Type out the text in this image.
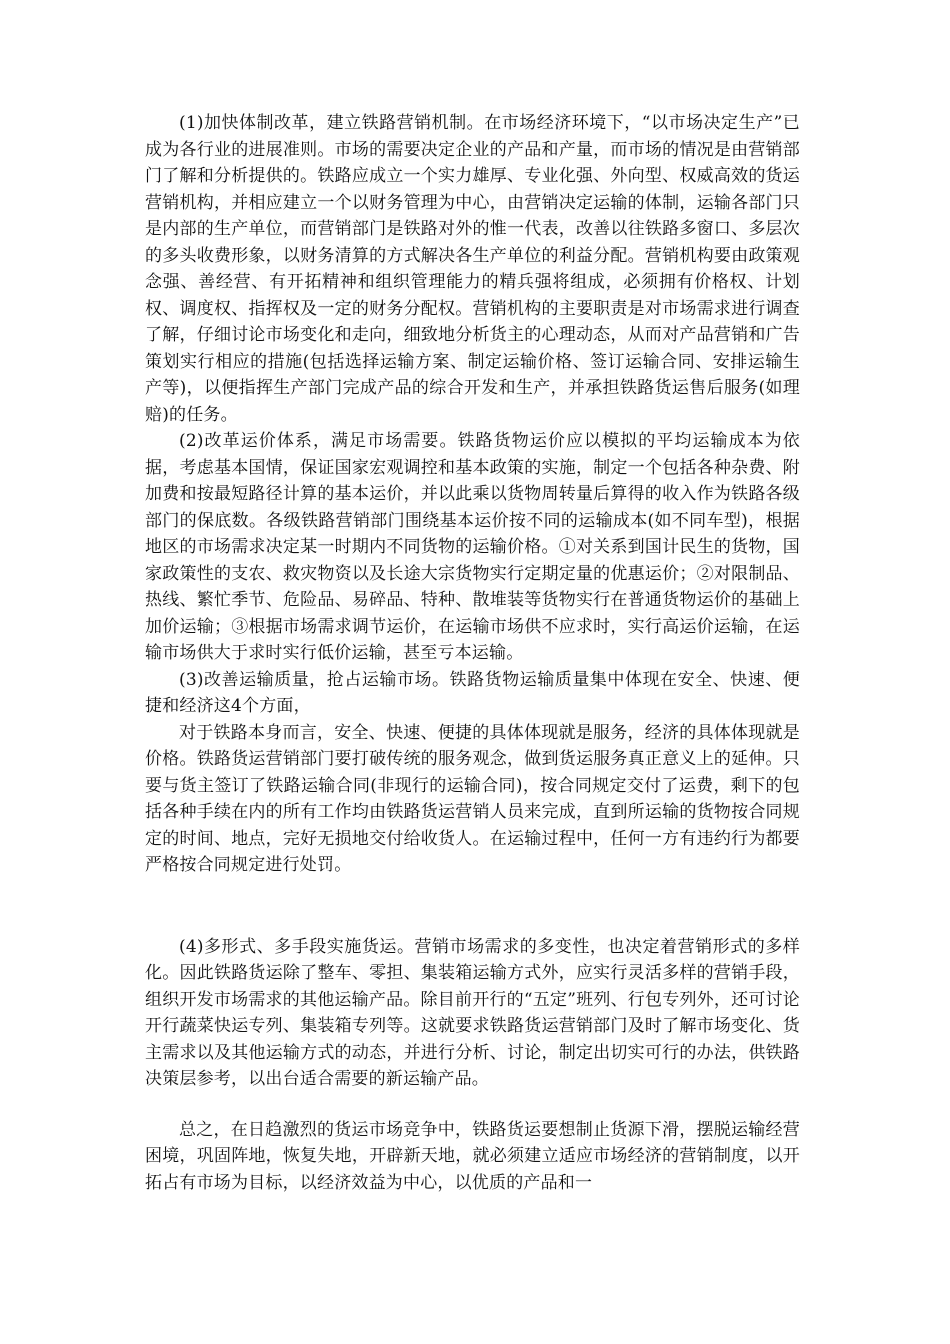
(1)加快体制改革，建立铁路营销机制。在市场经济环境下，“以市场决定生产”已成为各行业的进展准则。市场的需要决定企业的产品和产量，而市场的情况是由营销部门了解和分析提供的。铁路应成立一个实力雄厚、专业化强、外向型、权威高效的货运营销机构，并相应建立一个以财务管理为中心，由营销决定运输的体制，运输各部门只是内部的生产单位，而营销部门是铁路对外的惟一代表，改善以往铁路多窗口、多层次的多头收费形象，以财务清算的方式解决各生产单位的利益分配。营销机构要由政策观念强、善经营、有开拓精神和组织管理能力的精兵强将组成，必须拥有价格权、计划权、调度权、指挥权及一定的财务分配权。营销机构的主要职责是对市场需求进行调查了解，仔细讨论市场变化和走向，细致地分析货主的心理动态，从而对产品营销和广告策划实行相应的措施(包括选择运输方案、制定运输价格、签订运输合同、安排运输生产等)，以便指挥生产部门完成产品的综合开发和生产，并承担铁路货运售后服务(如理赔)的任务。

(2)改革运价体系，满足市场需要。铁路货物运价应以模拟的平均运输成本为依据，考虑基本国情，保证国家宏观调控和基本政策的实施，制定一个包括各种杂费、附加费和按最短路径计算的基本运价，并以此乘以货物周转量后算得的收入作为铁路各级部门的保底数。各级铁路营销部门围绕基本运价按不同的运输成本(如不同车型)，根据地区的市场需求决定某一时期内不同货物的运输价格。①对关系到国计民生的货物，国家政策性的支农、救灾物资以及长途大宗货物实行定期定量的优惠运价；②对限制品、热线、繁忙季节、危险品、易碎品、特种、散堆装等货物实行在普通货物运价的基础上加价运输；③根据市场需求调节运价，在运输市场供不应求时，实行高运价运输，在运输市场供大于求时实行低价运输，甚至亏本运输。

(3)改善运输质量，抢占运输市场。铁路货物运输质量集中体现在安全、快速、便捷和经济这4个方面，

对于铁路本身而言，安全、快速、便捷的具体体现就是服务，经济的具体体现就是价格。铁路货运营销部门要打破传统的服务观念，做到货运服务真正意义上的延伸。只要与货主签订了铁路运输合同(非现行的运输合同)，按合同规定交付了运费，剩下的包括各种手续在内的所有工作均由铁路货运营销人员来完成，直到所运输的货物按合同规定的时间、地点，完好无损地交付给收货人。在运输过程中，任何一方有违约行为都要严格按合同规定进行处罚。

(4)多形式、多手段实施货运。营销市场需求的多变性，也决定着营销形式的多样化。因此铁路货运除了整车、零担、集装箱运输方式外，应实行灵活多样的营销手段，组织开发市场需求的其他运输产品。除目前开行的“五定”班列、行包专列外，还可讨论开行蔬菜快运专列、集装箱专列等。这就要求铁路货运营销部门及时了解市场变化、货主需求以及其他运输方式的动态，并进行分析、讨论，制定出切实可行的办法，供铁路决策层参考，以出台适合需要的新运输产品。

总之，在日趋激烈的货运市场竞争中，铁路货运要想制止货源下滑，摆脱运输经营困境，巩固阵地，恢复失地，开辟新天地，就必须建立适应市场经济的营销制度，以开拓占有市场为目标，以经济效益为中心，以优质的产品和一
